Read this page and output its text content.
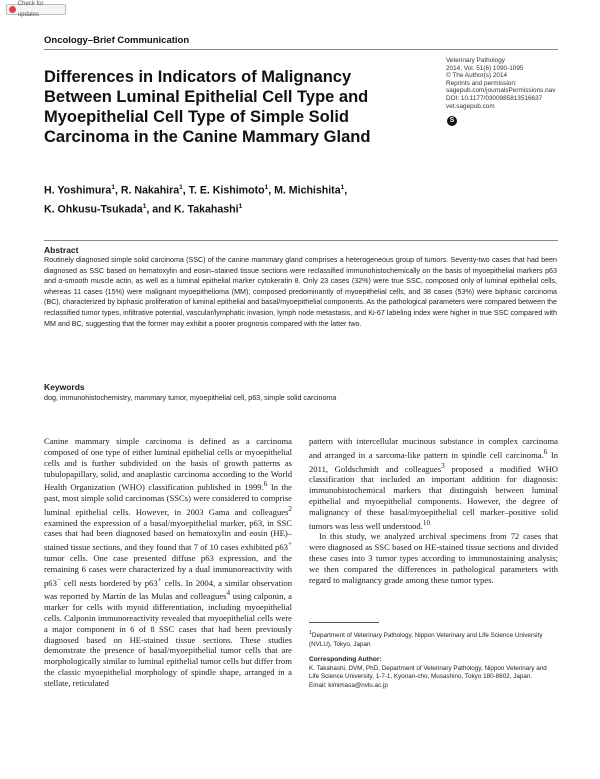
Check for updates
Oncology–Brief Communication
Differences in Indicators of Malignancy Between Luminal Epithelial Cell Type and Myoepithelial Cell Type of Simple Solid Carcinoma in the Canine Mammary Gland
Veterinary Pathology
2014, Vol. 51(6) 1090-1095
© The Author(s) 2014
Reprints and permission:
sagepub.com/journalsPermissions.nav
DOI: 10.1177/0300985813516637
vet.sagepub.com
S
H. Yoshimura$^1$, R. Nakahira$^1$, T. E. Kishimoto$^1$, M. Michishita$^1$,
K. Ohkusu-Tsukada$^1$, and K. Takahashi$^1$
Abstract
Routinely diagnosed simple solid carcinoma (SSC) of the canine mammary gland comprises a heterogeneous group of tumors. Seventy-two cases that had been diagnosed as SSC based on hematoxylin and eosin–stained tissue sections were reclassified immunohistochemically on the basis of myoepithelial markers p63 and α-smooth muscle actin, as well as a luminal epithelial marker cytokeratin 8. Only 23 cases (32%) were true SSC, composed only of luminal epithelial cells, whereas 11 cases (15%) were malignant myoepithelioma (MM), composed predominantly of myoepithelial cells, and 38 cases (53%) were biphasic carcinoma (BC), characterized by biphasic proliferation of luminal epithelial and basal/myoepithelial components. As the pathological parameters were compared between the reclassified tumor types, infiltrative potential, vascular/lymphatic invasion, lymph node metastasis, and Ki-67 labeling index were higher in true SSC compared with MM and BC, suggesting that the former may exhibit a poorer prognosis compared with the latter two.
Keywords
dog, immunohistochemistry, mammary tumor, myoepithelial cell, p63, simple solid carcinoma

Canine mammary simple carcinoma is defined as a carcinoma composed of one type of either luminal epithelial cells or myoepithelial cells and is further subdivided on the basis of growth patterns as tubulopapillary, solid, and anaplastic carcinoma according to the World Health Organization (WHO) classification published in 1999.$^6$ In the past, most simple solid carcinomas (SSCs) were considered to comprise luminal epithelial cells. However, in 2003 Gama and colleagues$^2$ examined the expression of a basal/myoepithelial marker, p63, in SSC cases that had been diagnosed based on hematoxylin and eosin (HE)–stained tissue sections, and they found that 7 of 10 cases exhibited p63+ tumor cells. One case presented diffuse p63 expression, and the remaining 6 cases were characterized by a dual immunoreactivity with p63− cell nests bordered by p63+ cells. In 2004, a similar observation was reported by Martín de las Mulas and colleagues$^4$ using calponin, a marker for cells with myoid differentiation, including myoepithelial cells. Calponin immunoreactivity revealed that myoepithelial cells were a major component in 6 of 8 SSC cases that had been previously diagnosed based on HE-stained tissue sections. These studies demonstrate the presence of basal/myoepithelial tumor cells that are morphologically similar to luminal epithelial tumor cells but differ from the classic myoepithelial morphology of spindle shape, arranged in a stellate, reticulated

pattern with intercellular mucinous substance in complex carcinoma and arranged in a sarcoma-like pattern in spindle cell carcinoma.$^6$ In 2011, Goldschmidt and colleagues$^3$ proposed a modified WHO classification that included an important addition for diagnosis: immunohistochemical markers that distinguish between luminal epithelial and myoepithelial components. However, the degree of malignancy of these basal/myoepithelial cell marker–positive solid tumors was less well understood.$^{10}$

In this study, we analyzed archival specimens from 72 cases that were diagnosed as SSC based on HE-stained tissue sections and divided these cases into 3 tumor types according to immunostaining analysis; we then compared the differences in pathological parameters with regard to malignancy grade among these tumor types.

$^1$Department of Veterinary Pathology, Nippon Veterinary and Life Science University (NVLU), Tokyo, Japan
Corresponding Author:
K. Takahashi, DVM, PhD, Department of Veterinary Pathology, Nippon Veterinary and Life Science University, 1-7-1, Kyonan-cho, Musashino, Tokyo 180-8602, Japan.
Email: kimimasa@nvlu.ac.jp
